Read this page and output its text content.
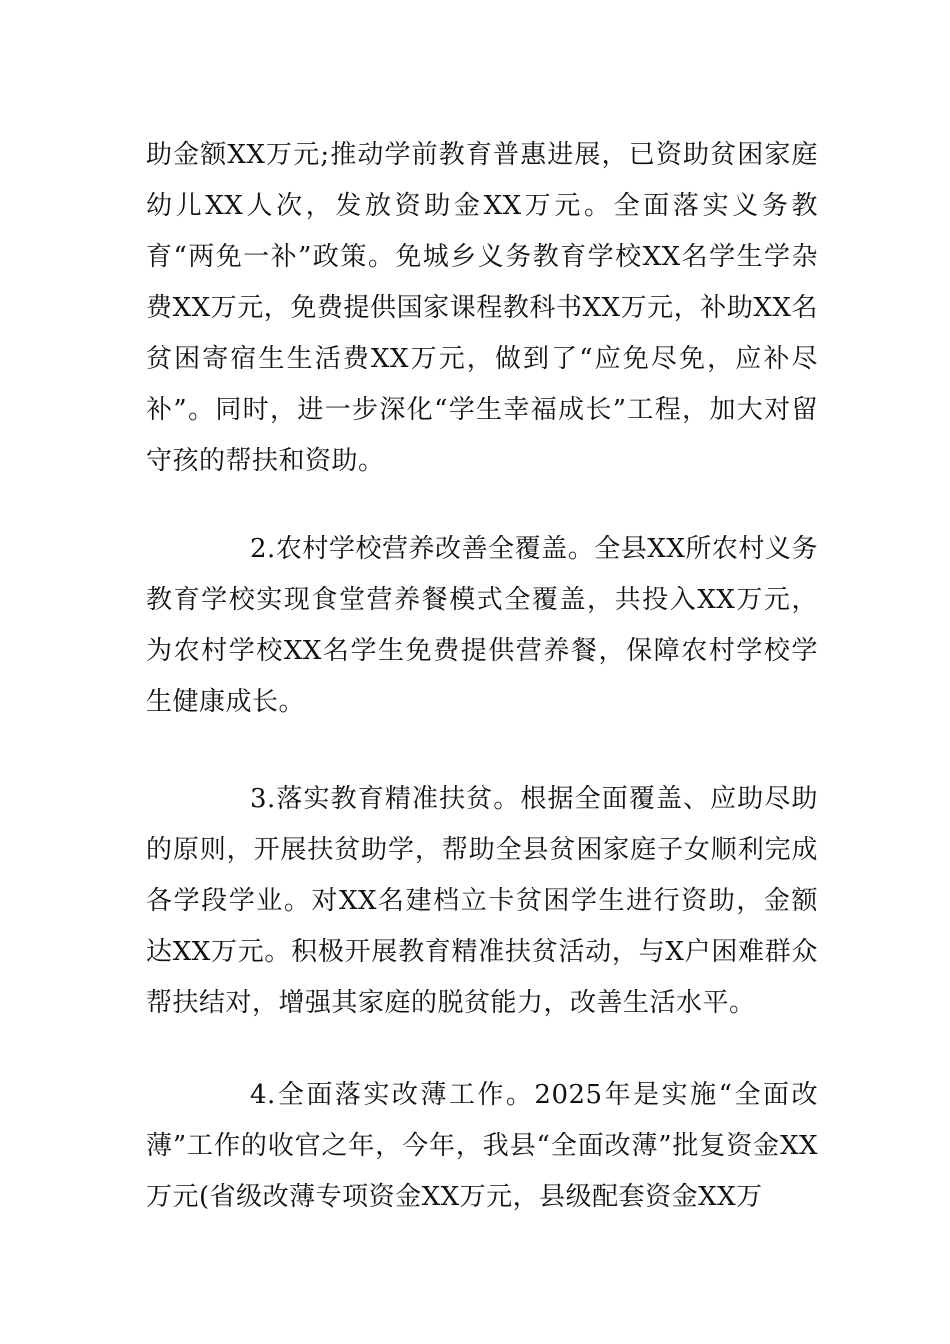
助金额XX万元;推动学前教育普惠进展，已资助贫困家庭幼儿XX人次，发放资助金XX万元。全面落实义务教育“两免一补”政策。免城乡义务教育学校XX名学生学杂费XX万元，免费提供国家课程教科书XX万元，补助XX名贫困寄宿生生活费XX万元，做到了“应免尽免，应补尽补”。同时，进一步深化“学生幸福成长”工程，加大对留守孩的帮扶和资助。

2.农村学校营养改善全覆盖。全县XX所农村义务教育学校实现食堂营养餐模式全覆盖，共投入XX万元，为农村学校XX名学生免费提供营养餐，保障农村学校学生健康成长。

3.落实教育精准扶贫。根据全面覆盖、应助尽助的原则，开展扶贫助学，帮助全县贫困家庭子女顺利完成各学段学业。对XX名建档立卡贫困学生进行资助，金额达XX万元。积极开展教育精准扶贫活动，与X户困难群众帮扶结对，增强其家庭的脱贫能力，改善生活水平。

4.全面落实改薄工作。2025年是实施“全面改薄”工作的收官之年，今年，我县“全面改薄”批复资金XX万元(省级改薄专项资金XX万元，县级配套资金XX万
